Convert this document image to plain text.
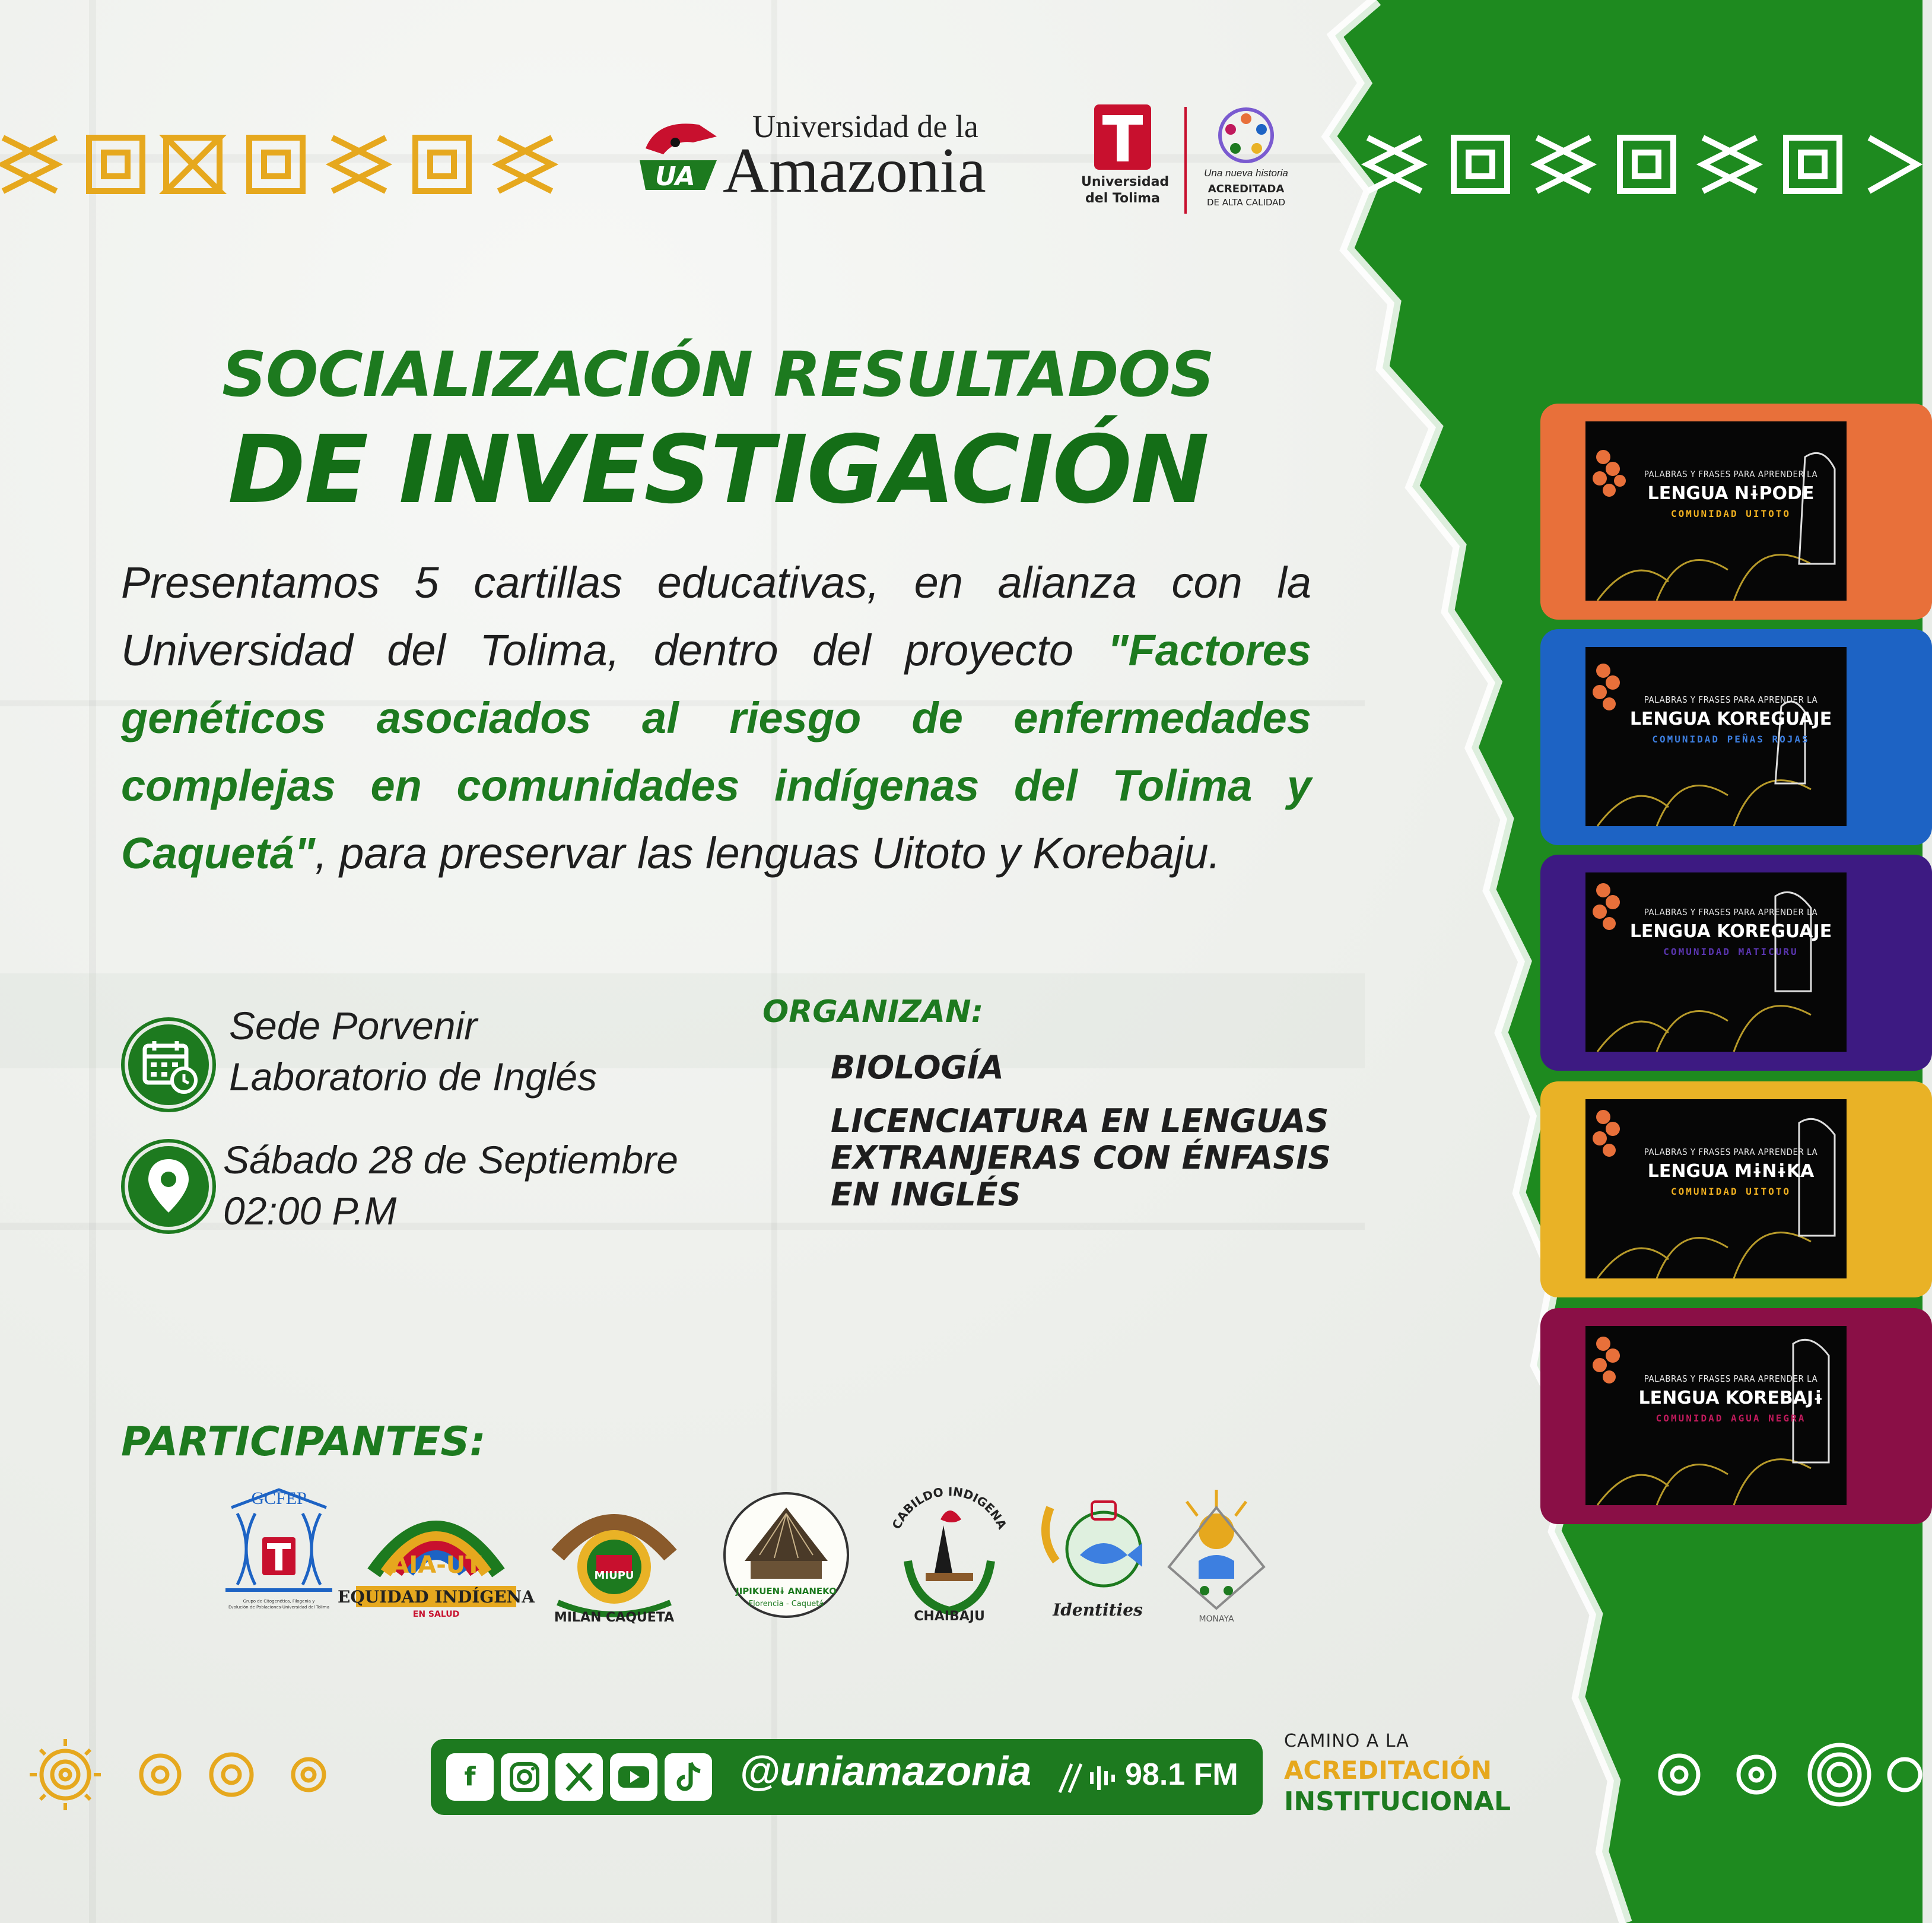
UA
Universidad de la
Amazonia	Universidad
del Tolima
Una nueva historia
ACREDITADA
DE ALTA CALIDAD
SOCIALIZACIÓN RESULTADOS
DE INVESTIGACIÓN
Presentamos 5 cartillas educativas, en alianza con la Universidad del Tolima, dentro del proyecto "Factores genéticos asociados al riesgo de enfermedades complejas en comunidades indígenas del Tolima y Caquetá", para preservar las lenguas Uitoto y Korebaju.
Sede Porvenir
Laboratorio de Inglés
Sábado 28 de Septiembre
02:00 P.M
ORGANIZAN:
BIOLOGÍA
LICENCIATURA EN LENGUAS EXTRANJERAS CON ÉNFASIS EN INGLÉS
PARTICIPANTES:
GCFEP
Grupo de Citogenética, Filogenia y
Evolución de Poblaciones-Universidad del Tolima
AIA-UT
EQUIDAD INDÍGENA
EN SALUD
MIUPU
MILAN CAQUETA
JIPIKUENɨ ANANEKO
Florencia - Caquetá
CABILDO INDIGENA
CHAIBAJU	Identities	MONAYA
PALABRAS Y FRASES PARA APRENDER LA
LENGUA NɨPODE
COMUNIDAD UITOTO
PALABRAS Y FRASES PARA APRENDER LA
LENGUA KOREGUAJE
COMUNIDAD PEÑAS ROJAS
PALABRAS Y FRASES PARA APRENDER LA
LENGUA KOREGUAJE
COMUNIDAD MATICURU
PALABRAS Y FRASES PARA APRENDER LA
LENGUA MɨNɨKA
COMUNIDAD UITOTO
PALABRAS Y FRASES PARA APRENDER LA
LENGUA KOREBAJɨ
COMUNIDAD AGUA NEGRA
f	@uniamazonia	98.1 FM
CAMINO A LA
ACREDITACIÓN
INSTITUCIONAL
